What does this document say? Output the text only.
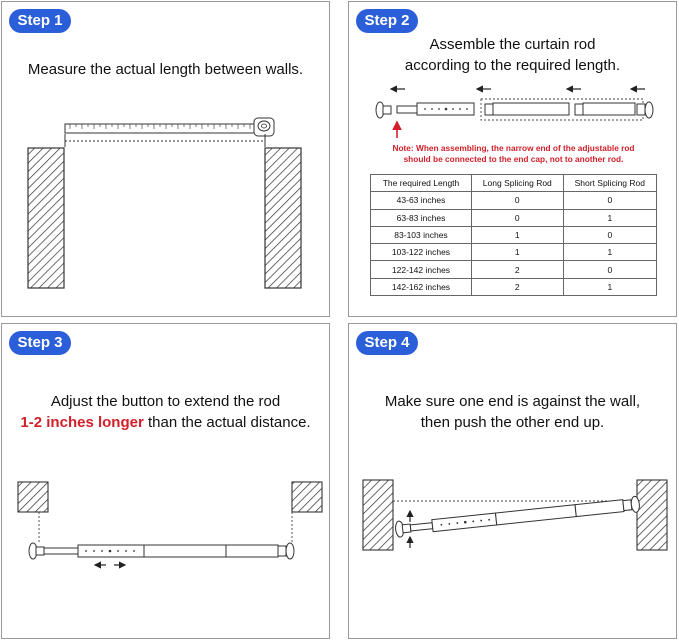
Step 1
Measure the actual length between walls.
Step 2
Assemble the curtain rod
according to the required length.
Note: When assembling, the narrow end of the adjustable rod
should be connected to the end cap, not to another rod.
The required Length	Long Splicing Rod	Short Splicing Rod
43-63 inches	0	0
63-83 inches	0	1
83-103 inches	1	0
103-122 inches	1	1
122-142 inches	2	0
142-162 inches	2	1
Step 3
Adjust the button to extend the rod
1-2 inches longer than the actual distance.
Step 4
Make sure one end is against the wall,
then push the other end up.
